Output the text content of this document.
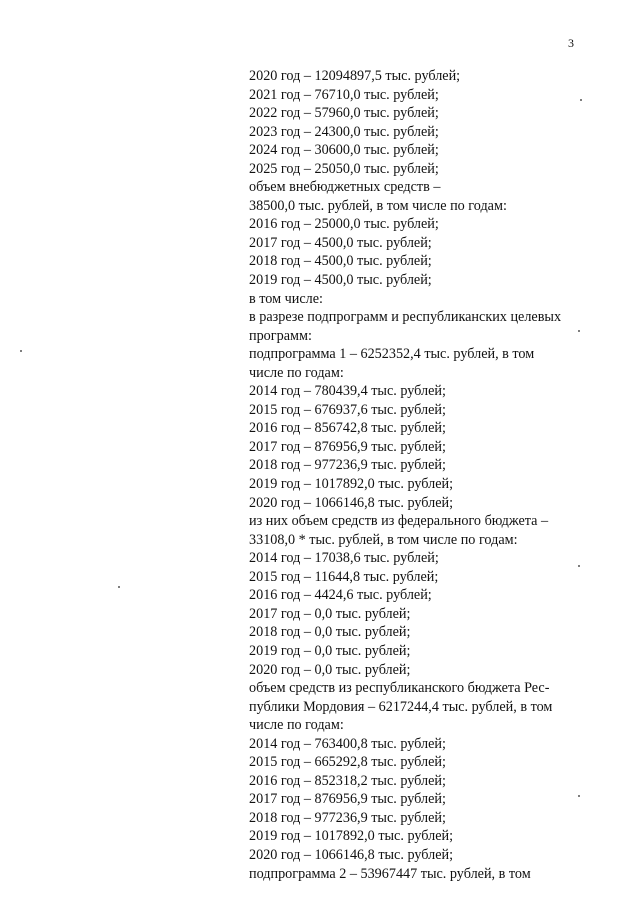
3
2020 год – 12094897,5 тыс. рублей;
2021 год – 76710,0 тыс. рублей;
2022 год – 57960,0 тыс. рублей;
2023 год – 24300,0 тыс. рублей;
2024 год – 30600,0 тыс. рублей;
2025 год – 25050,0 тыс. рублей;
объем внебюджетных средств –
38500,0 тыс. рублей, в том числе по годам:
2016 год – 25000,0 тыс. рублей;
2017 год – 4500,0 тыс. рублей;
2018 год – 4500,0 тыс. рублей;
2019 год – 4500,0 тыс. рублей;
в том числе:
в разрезе подпрограмм и республиканских целевых
программ:
подпрограмма 1 – 6252352,4 тыс. рублей, в том
числе по годам:
2014 год – 780439,4 тыс. рублей;
2015 год – 676937,6 тыс. рублей;
2016 год – 856742,8 тыс. рублей;
2017 год – 876956,9 тыс. рублей;
2018 год – 977236,9 тыс. рублей;
2019 год – 1017892,0 тыс. рублей;
2020 год – 1066146,8 тыс. рублей;
из них объем средств из федерального бюджета –
33108,0 * тыс. рублей, в том числе по годам:
2014 год – 17038,6 тыс. рублей;
2015 год – 11644,8 тыс. рублей;
2016 год – 4424,6 тыс. рублей;
2017 год – 0,0 тыс. рублей;
2018 год – 0,0 тыс. рублей;
2019 год – 0,0 тыс. рублей;
2020 год – 0,0 тыс. рублей;
объем средств из республиканского бюджета Рес-
публики Мордовия – 6217244,4 тыс. рублей, в том
числе по годам:
2014 год – 763400,8 тыс. рублей;
2015 год – 665292,8 тыс. рублей;
2016 год – 852318,2 тыс. рублей;
2017 год – 876956,9 тыс. рублей;
2018 год – 977236,9 тыс. рублей;
2019 год – 1017892,0 тыс. рублей;
2020 год – 1066146,8 тыс. рублей;
подпрограмма 2 – 53967447 тыс. рублей, в том
